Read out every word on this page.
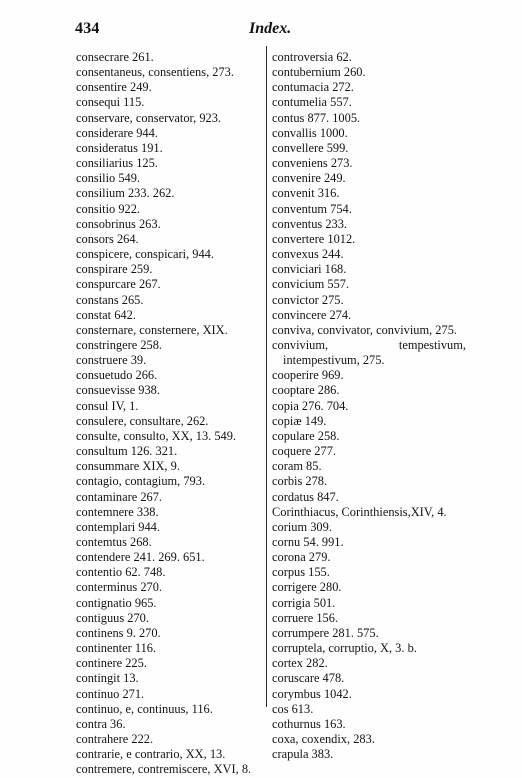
434	Index.
consecrare 261.
consentaneus, consentiens, 273.
consentire 249.
consequi 115.
conservare, conservator, 923.
considerare 944.
consideratus 191.
consiliarius 125.
consilio 549.
consilium 233. 262.
consitio 922.
consobrinus 263.
consors 264.
conspicere, conspicari, 944.
conspirare 259.
conspurcare 267.
constans 265.
constat 642.
consternare, consternere, XIX.
constringere 258.
construere 39.
consuetudo 266.
consuevisse 938.
consul IV, 1.
consulere, consultare, 262.
consulte, consulto, XX, 13. 549.
consultum 126. 321.
consummare XIX, 9.
contagio, contagium, 793.
contaminare 267.
contemnere 338.
contemplari 944.
contemtus 268.
contendere 241. 269. 651.
contentio 62. 748.
conterminus 270.
contignatio 965.
contiguus 270.
continens 9. 270.
continenter 116.
continere 225.
contingit 13.
continuo 271.
continuo, e, continuus, 116.
contra 36.
contrahere 222.
contrarie, e contrario, XX, 13.
contremere, contremiscere, XVI, 8.
controversia 62.
contubernium 260.
contumacia 272.
contumelia 557.
contus 877. 1005.
convallis 1000.
convellere 599.
conveniens 273.
convenire 249.
convenit 316.
conventum 754.
conventus 233.
convertere 1012.
convexus 244.
conviciari 168.
convicium 557.
convictor 275.
convincere 274.
conviva, convivator, convivium, 275.
convivium, tempestivum, intempestivum, 275.
cooperire 969.
cooptare 286.
copia 276. 704.
copiæ 149.
copulare 258.
coquere 277.
coram 85.
corbis 278.
cordatus 847.
Corinthiacus, Corinthiensis,XIV, 4.
corium 309.
cornu 54. 991.
corona 279.
corpus 155.
corrigere 280.
corrigia 501.
corruere 156.
corrumpere 281. 575.
corruptela, corruptio, X, 3. b.
cortex 282.
coruscare 478.
corymbus 1042.
cos 613.
cothurnus 163.
coxa, coxendix, 283.
crapula 383.
